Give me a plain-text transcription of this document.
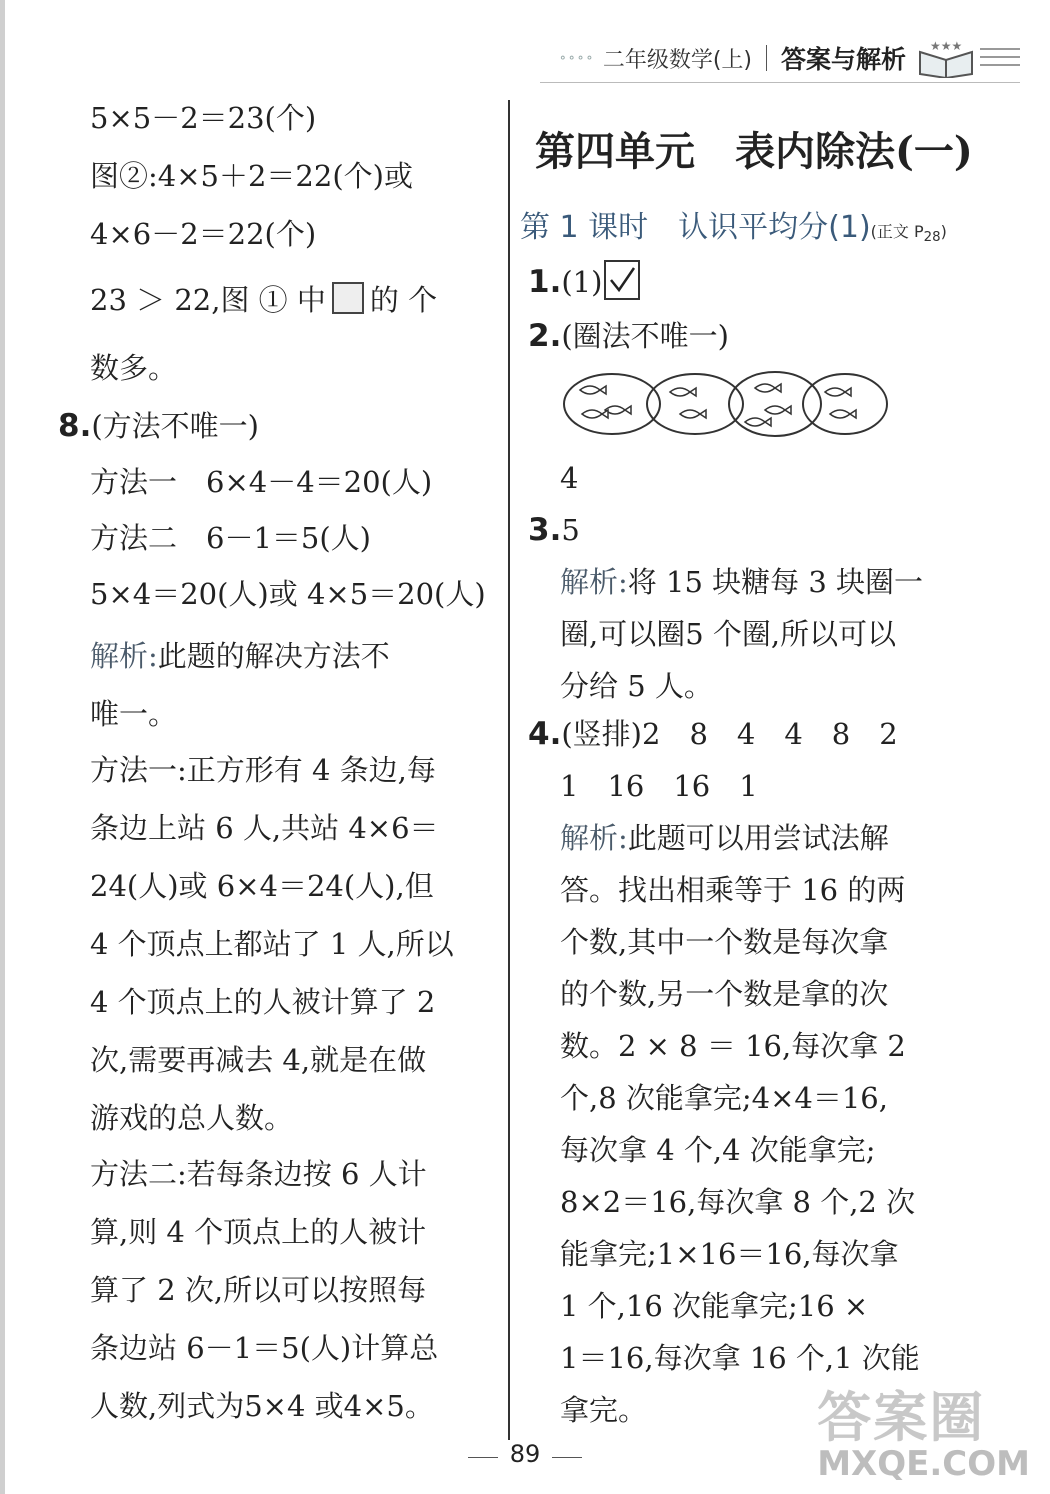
∘∘∘∘ 二年级数学(上) 答案与解析 ★★★
5×5－2＝23(个)
图②:4×5＋2＝22(个)或
4×6－2＝22(个)
23 ＞ 22,图 ① 中 的 个
数多。
8.(方法不唯一)
方法一　6×4－4＝20(人)
方法二　6－1＝5(人)
5×4＝20(人)或 4×5＝20(人)
解析:此题的解决方法不
唯一。
方法一:正方形有 4 条边,每
条边上站 6 人,共站 4×6＝
24(人)或 6×4＝24(人),但
4 个顶点上都站了 1 人,所以
4 个顶点上的人被计算了 2
次,需要再减去 4,就是在做
游戏的总人数。
方法二:若每条边按 6 人计
算,则 4 个顶点上的人被计
算了 2 次,所以可以按照每
条边站 6－1＝5(人)计算总
人数,列式为5×4 或4×5。
第四单元　表内除法(一)
第 1 课时　认识平均分(1)(正文 $P_{28}$)
1.(1)
2.(圈法不唯一)
4
3.5
解析:将 15 块糖每 3 块圈一
圈,可以圈5 个圈,所以可以
分给 5 人。
4.(竖排)2　8　4　4　8　2
1　16　16　1
解析:此题可以用尝试法解
答。找出相乘等于 16 的两
个数,其中一个数是每次拿
的个数,另一个数是拿的次
数。2 × 8 ＝ 16,每次拿 2
个,8 次能拿完;4×4＝16,
每次拿 4 个,4 次能拿完;
8×2＝16,每次拿 8 个,2 次
能拿完;1×16＝16,每次拿
1 个,16 次能拿完;16 ×
1＝16,每次拿 16 个,1 次能
拿完。
89
答案圈
MXQE.COM
